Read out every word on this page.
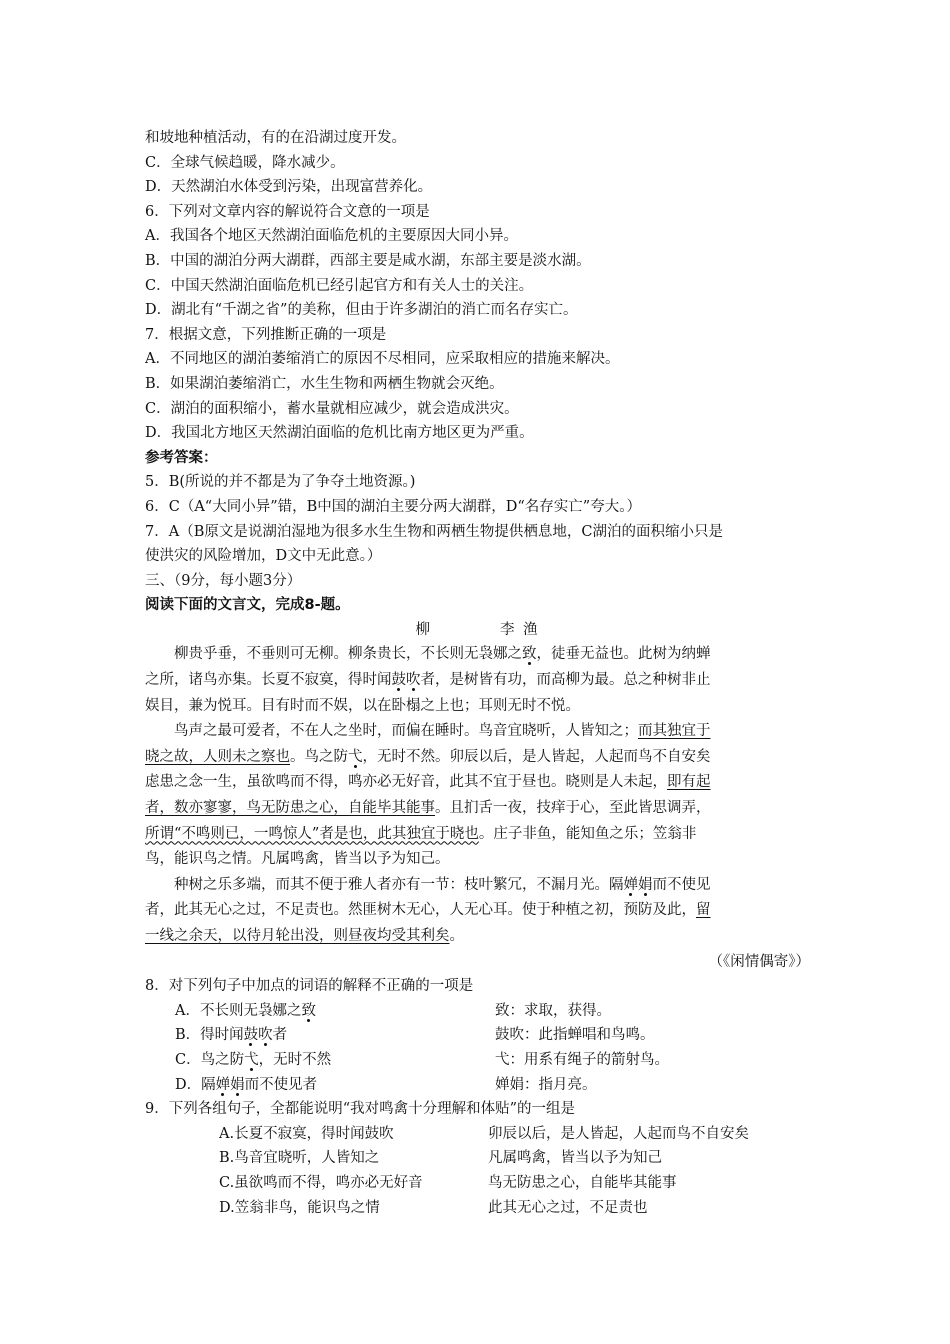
和坡地种植活动，有的在沿湖过度开发。
C．全球气候趋暖，降水减少。
D．天然湖泊水体受到污染，出现富营养化。
6．下列对文章内容的解说符合文意的一项是
A．我国各个地区天然湖泊面临危机的主要原因大同小异。
B．中国的湖泊分两大湖群，西部主要是咸水湖，东部主要是淡水湖。
C．中国天然湖泊面临危机已经引起官方和有关人士的关注。
D．湖北有“千湖之省”的美称，但由于许多湖泊的消亡而名存实亡。
7．根据文意，下列推断正确的一项是
A．不同地区的湖泊萎缩消亡的原因不尽相同，应采取相应的措施来解决。
B．如果湖泊萎缩消亡，水生生物和两栖生物就会灭绝。
C．湖泊的面积缩小，蓄水量就相应减少，就会造成洪灾。
D．我国北方地区天然湖泊面临的危机比南方地区更为严重。
参考答案：
5．B(所说的并不都是为了争夺土地资源。)
6．C（A“大同小异”错，B中国的湖泊主要分两大湖群，D“名存实亡”夸大。）
7．A（B原文是说湖泊湿地为很多水生生物和两栖生物提供栖息地，C湖泊的面积缩小只是
使洪灾的风险增加，D文中无此意。）
三、（9分，每小题3分）
阅读下面的文言文，完成8-题。
柳	李 渔
柳贵乎垂，不垂则可无柳。柳条贵长，不长则无袅娜之致，徒垂无益也。此树为纳蝉
之所，诸鸟亦集。长夏不寂寞，得时闻鼓吹者，是树皆有功，而高柳为最。总之种树非止
娱目，兼为悦耳。目有时而不娱，以在卧榻之上也；耳则无时不悦。
鸟声之最可爱者，不在人之坐时，而偏在睡时。鸟音宜晓听，人皆知之；而其独宜于
晓之故，人则未之察也。鸟之防弋，无时不然。卯辰以后，是人皆起，人起而鸟不自安矣
虑患之念一生，虽欲鸣而不得，鸣亦必无好音，此其不宜于昼也。晓则是人未起，即有起
者，数亦寥寥，鸟无防患之心，自能毕其能事。且扪舌一夜，技痒于心，至此皆思调弄，
所谓“不鸣则已，一鸣惊人”者是也，此其独宜于晓也。庄子非鱼，能知鱼之乐；笠翁非
鸟，能识鸟之情。凡属鸣禽，皆当以予为知己。
种树之乐多端，而其不便于雅人者亦有一节：枝叶繁冗，不漏月光。隔婵娟而不使见
者，此其无心之过，不足责也。然匪树木无心，人无心耳。使于种植之初，预防及此，留
一线之余天，以待月轮出没，则昼夜均受其利矣。
（《闲情偶寄》）
8．对下列句子中加点的词语的解释不正确的一项是
A．不长则无袅娜之致	致：求取，获得。
B．得时闻鼓吹者	鼓吹：此指蝉唱和鸟鸣。
C．鸟之防弋，无时不然	弋：用系有绳子的箭射鸟。
D．隔婵娟而不使见者	婵娟：指月亮。
9．下列各组句子，全都能说明“我对鸣禽十分理解和体贴”的一组是
A.长夏不寂寞，得时闻鼓吹	卯辰以后，是人皆起，人起而鸟不自安矣
B.鸟音宜晓听，人皆知之	凡属鸣禽，皆当以予为知己
C.虽欲鸣而不得，鸣亦必无好音	鸟无防患之心，自能毕其能事
D.笠翁非鸟，能识鸟之情	此其无心之过，不足责也
